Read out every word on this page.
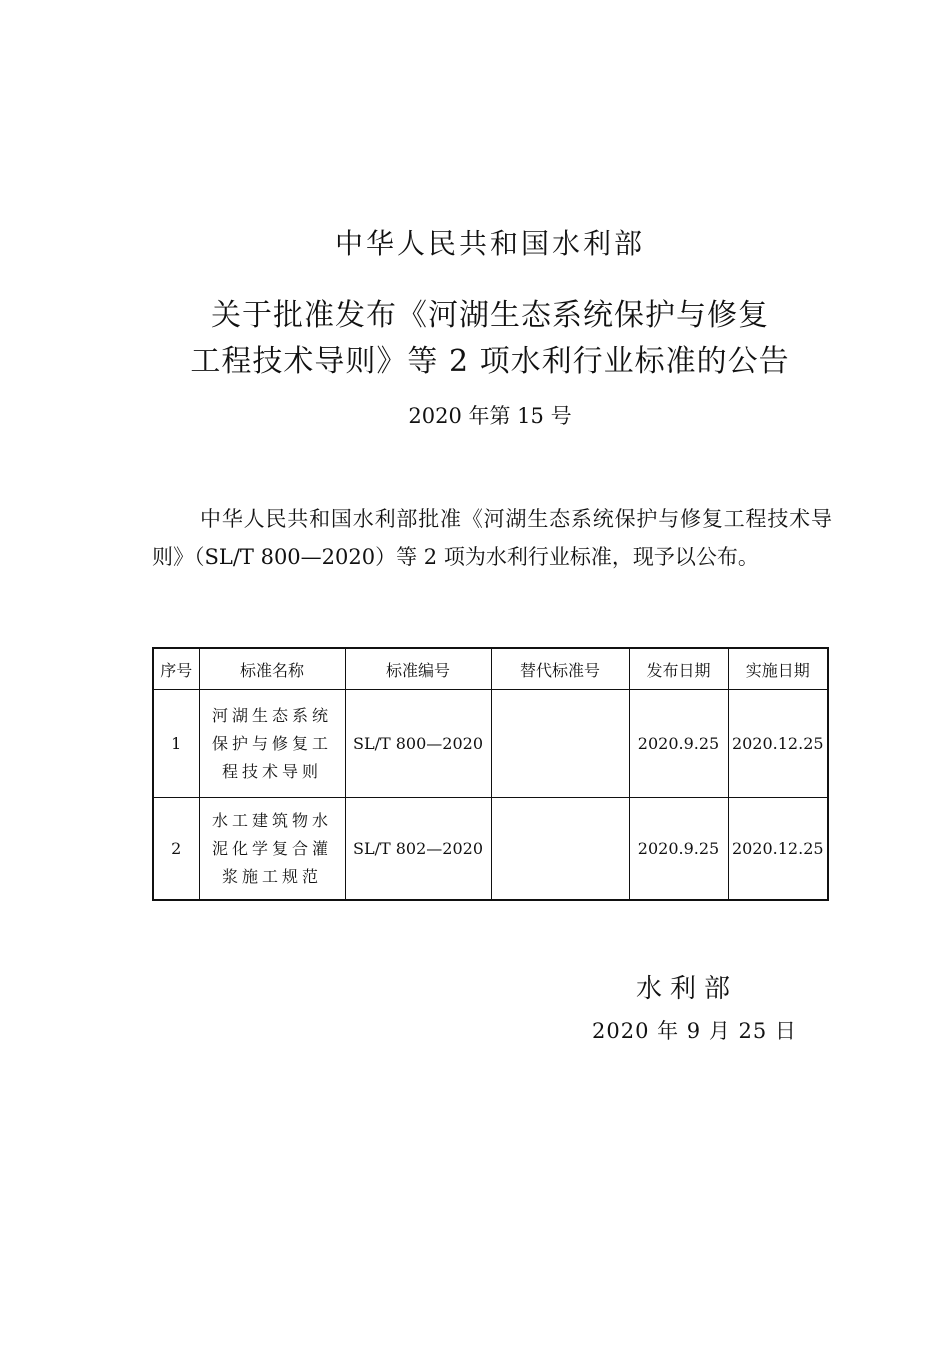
中华人民共和国水利部
关于批准发布《河湖生态系统保护与修复
工程技术导则》等 2 项水利行业标准的公告
2020 年第 15 号

中华人民共和国水利部批准《河湖生态系统保护与修复工程技术导则》（SL/T 800—2020）等 2 项为水利行业标准，现予以公布。

序号	标准名称	标准编号	替代标准号	发布日期	实施日期
1	河湖生态系统保护与修复工程技术导则	SL/T 800—2020		2020.9.25	2020.12.25
2	水工建筑物水泥化学复合灌浆施工规范	SL/T 802—2020		2020.9.25	2020.12.25
水利部
2020 年 9 月 25 日
